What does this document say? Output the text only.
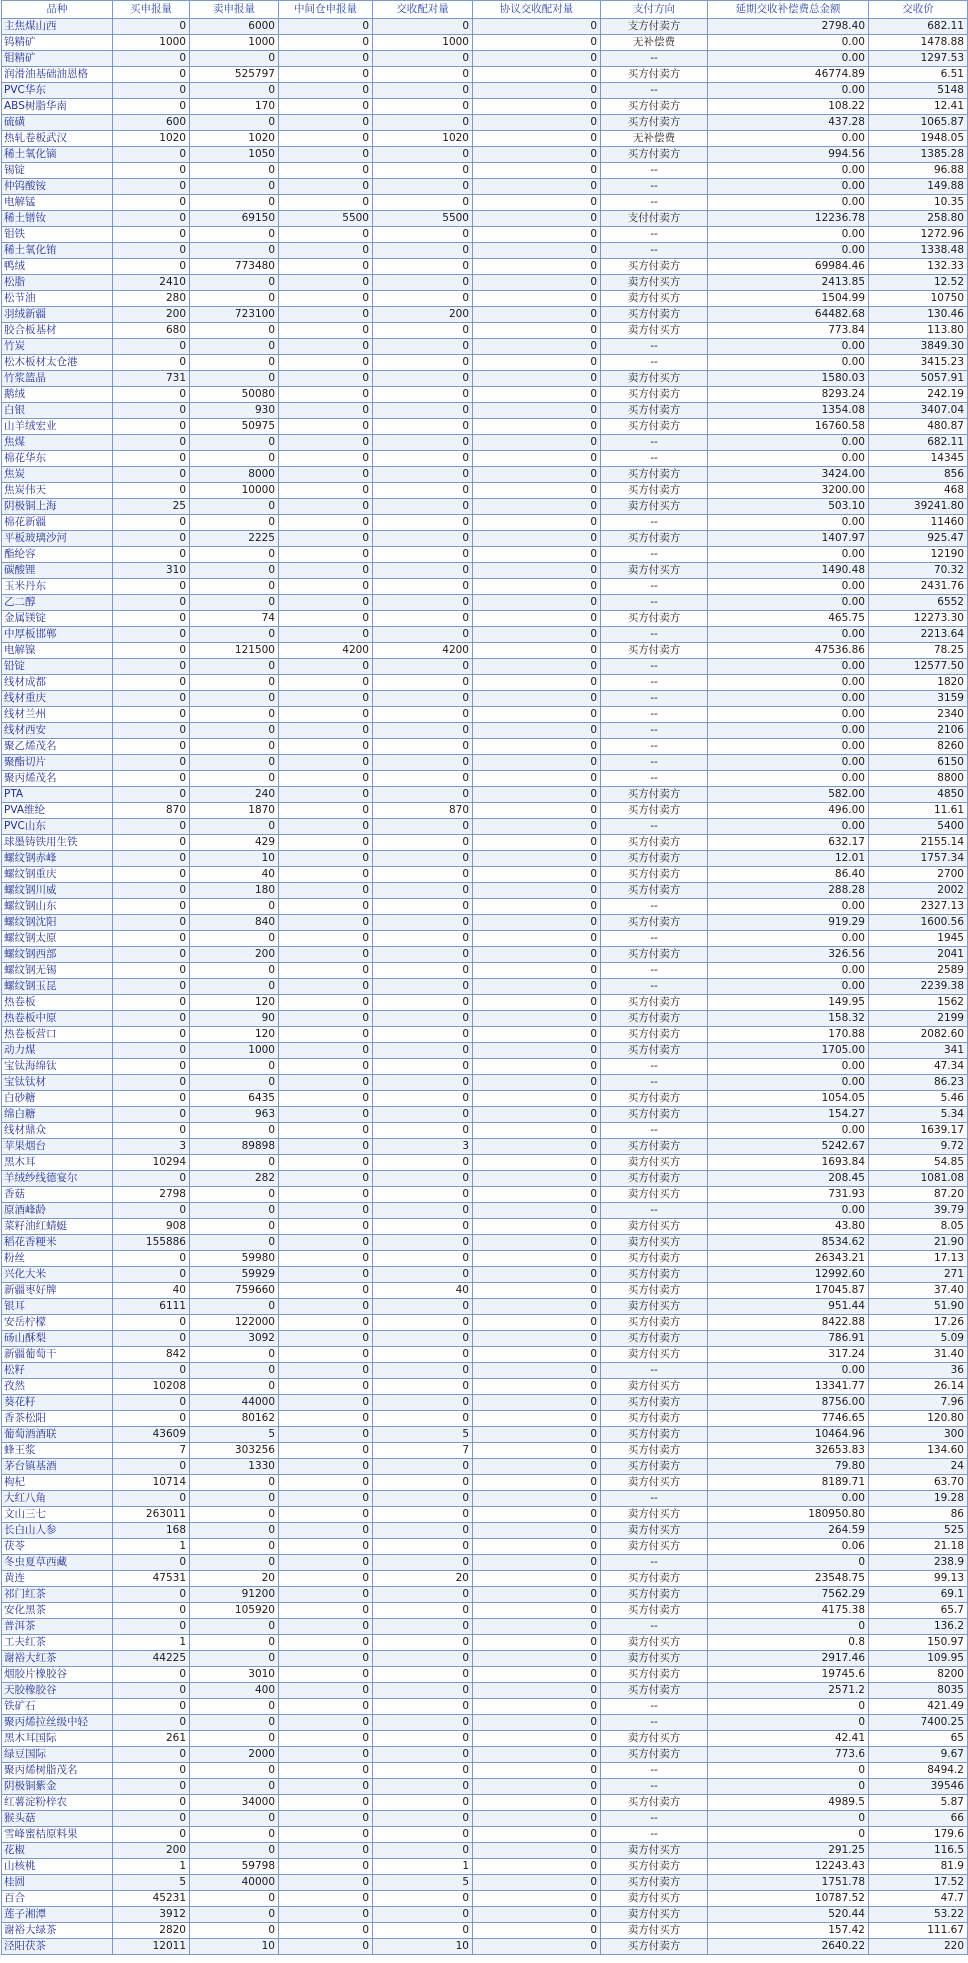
品种	买申报量	卖申报量	中间仓申报量	交收配对量	协议交收配对量	支付方向	延期交收补偿费总金额	交收价
主焦煤山西	0	6000	0	0	0	支方付卖方	2798.40	682.11
钨精矿	1000	1000	0	1000	0	无补偿费	0.00	1478.88
钼精矿	0	0	0	0	0	--	0.00	1297.53
润滑油基础油恩格	0	525797	0	0	0	买方付卖方	46774.89	6.51
PVC华东	0	0	0	0	0	--	0.00	5148
ABS树脂华南	0	170	0	0	0	买方付卖方	108.22	12.41
硫磺	600	0	0	0	0	买方付卖方	437.28	1065.87
热轧卷板武汉	1020	1020	0	1020	0	无补偿费	0.00	1948.05
稀土氧化镝	0	1050	0	0	0	买方付卖方	994.56	1385.28
锡锭	0	0	0	0	0	--	0.00	96.88
仲钨酸铵	0	0	0	0	0	--	0.00	149.88
电解锰	0	0	0	0	0	--	0.00	10.35
稀土镨钕	0	69150	5500	5500	0	支付付卖方	12236.78	258.80
钼铁	0	0	0	0	0	--	0.00	1272.96
稀土氧化铕	0	0	0	0	0	--	0.00	1338.48
鸭绒	0	773480	0	0	0	买方付卖方	69984.46	132.33
松脂	2410	0	0	0	0	卖方付买方	2413.85	12.52
松节油	280	0	0	0	0	卖方付买方	1504.99	10750
羽绒新疆	200	723100	0	200	0	买方付卖方	64482.68	130.46
胶合板基材	680	0	0	0	0	卖方付买方	773.84	113.80
竹炭	0	0	0	0	0	--	0.00	3849.30
松木板材太仓港	0	0	0	0	0	--	0.00	3415.23
竹浆篮晶	731	0	0	0	0	卖方付买方	1580.03	5057.91
鹅绒	0	50080	0	0	0	买方付卖方	8293.24	242.19
白银	0	930	0	0	0	买方付卖方	1354.08	3407.04
山羊绒宏业	0	50975	0	0	0	买方付卖方	16760.58	480.87
焦煤	0	0	0	0	0	--	0.00	682.11
棉花华东	0	0	0	0	0	--	0.00	14345
焦炭	0	8000	0	0	0	买方付卖方	3424.00	856
焦炭伟天	0	10000	0	0	0	买方付卖方	3200.00	468
阴极铜上海	25	0	0	0	0	卖方付买方	503.10	39241.80
棉花新疆	0	0	0	0	0	--	0.00	11460
平板玻璃沙河	0	2225	0	0	0	买方付卖方	1407.97	925.47
酯纶容	0	0	0	0	0	--	0.00	12190
碳酸锂	310	0	0	0	0	卖方付买方	1490.48	70.32
玉米丹东	0	0	0	0	0	--	0.00	2431.76
乙二醇	0	0	0	0	0	--	0.00	6552
金属镁锭	0	74	0	0	0	买方付卖方	465.75	12273.30
中厚板邯郸	0	0	0	0	0	--	0.00	2213.64
电解镍	0	121500	4200	4200	0	买方付卖方	47536.86	78.25
铅锭	0	0	0	0	0	--	0.00	12577.50
线材成都	0	0	0	0	0	--	0.00	1820
线材重庆	0	0	0	0	0	--	0.00	3159
线材兰州	0	0	0	0	0	--	0.00	2340
线材西安	0	0	0	0	0	--	0.00	2106
聚乙烯茂名	0	0	0	0	0	--	0.00	8260
聚酯切片	0	0	0	0	0	--	0.00	6150
聚丙烯茂名	0	0	0	0	0	--	0.00	8800
PTA	0	240	0	0	0	买方付卖方	582.00	4850
PVA维纶	870	1870	0	870	0	买方付卖方	496.00	11.61
PVC山东	0	0	0	0	0	--	0.00	5400
球墨铸铁用生铁	0	429	0	0	0	买方付卖方	632.17	2155.14
螺纹钢赤峰	0	10	0	0	0	买方付卖方	12.01	1757.34
螺纹钢重庆	0	40	0	0	0	买方付卖方	86.40	2700
螺纹钢川威	0	180	0	0	0	买方付卖方	288.28	2002
螺纹钢山东	0	0	0	0	0	--	0.00	2327.13
螺纹钢沈阳	0	840	0	0	0	买方付卖方	919.29	1600.56
螺纹钢太原	0	0	0	0	0	--	0.00	1945
螺纹钢西部	0	200	0	0	0	买方付卖方	326.56	2041
螺纹钢无锡	0	0	0	0	0	--	0.00	2589
螺纹钢玉昆	0	0	0	0	0	--	0.00	2239.38
热卷板	0	120	0	0	0	买方付卖方	149.95	1562
热卷板中原	0	90	0	0	0	买方付卖方	158.32	2199
热卷板营口	0	120	0	0	0	买方付卖方	170.88	2082.60
动力煤	0	1000	0	0	0	买方付卖方	1705.00	341
宝钛海绵钛	0	0	0	0	0	--	0.00	47.34
宝钛钛材	0	0	0	0	0	--	0.00	86.23
白砂糖	0	6435	0	0	0	买方付卖方	1054.05	5.46
绵白糖	0	963	0	0	0	买方付卖方	154.27	5.34
线材鼎众	0	0	0	0	0	--	0.00	1639.17
苹果烟台	3	89898	0	3	0	买方付卖方	5242.67	9.72
黑木耳	10294	0	0	0	0	卖方付买方	1693.84	54.85
羊绒纱线德宴尔	0	282	0	0	0	买方付卖方	208.45	1081.08
香菇	2798	0	0	0	0	卖方付买方	731.93	87.20
原酒峰龄	0	0	0	0	0	--	0.00	39.79
菜籽油红蜻蜓	908	0	0	0	0	卖方付买方	43.80	8.05
稻花香粳米	155886	0	0	0	0	卖方付买方	8534.62	21.90
粉丝	0	59980	0	0	0	买方付卖方	26343.21	17.13
兴化大米	0	59929	0	0	0	买方付卖方	12992.60	271
新疆枣好牌	40	759660	0	40	0	买方付卖方	17045.87	37.40
银耳	6111	0	0	0	0	卖方付买方	951.44	51.90
安岳柠檬	0	122000	0	0	0	买方付卖方	8422.88	17.26
砀山酥梨	0	3092	0	0	0	买方付卖方	786.91	5.09
新疆葡萄干	842	0	0	0	0	卖方付买方	317.24	31.40
松籽	0	0	0	0	0	--	0.00	36
孜然	10208	0	0	0	0	卖方付买方	13341.77	26.14
葵花籽	0	44000	0	0	0	买方付卖方	8756.00	7.96
香茶松阳	0	80162	0	0	0	买方付卖方	7746.65	120.80
葡萄酒酒联	43609	5	0	5	0	买方付卖方	10464.96	300
蜂王浆	7	303256	0	7	0	买方付卖方	32653.83	134.60
茅台镇基酒	0	1330	0	0	0	买方付卖方	79.80	24
枸杞	10714	0	0	0	0	卖方付买方	8189.71	63.70
大红八角	0	0	0	0	0	--	0.00	19.28
文山三七	263011	0	0	0	0	卖方付买方	180950.80	86
长白山人参	168	0	0	0	0	卖方付买方	264.59	525
茯苓	1	0	0	0	0	卖方付买方	0.06	21.18
冬虫夏草西藏	0	0	0	0	0	--	0	238.9
黄连	47531	20	0	20	0	买方付卖方	23548.75	99.13
祁门红茶	0	91200	0	0	0	买方付卖方	7562.29	69.1
安化黑茶	0	105920	0	0	0	买方付卖方	4175.38	65.7
普洱茶	0	0	0	0	0	--	0	136.2
工夫红茶	1	0	0	0	0	卖方付买方	0.8	150.97
谢裕大红茶	44225	0	0	0	0	卖方付买方	2917.46	109.95
烟胶片橡胶谷	0	3010	0	0	0	买方付卖方	19745.6	8200
天胶橡胶谷	0	400	0	0	0	买方付卖方	2571.2	8035
铁矿石	0	0	0	0	0	--	0	421.49
聚丙烯拉丝级中轻	0	0	0	0	0	--	0	7400.25
黑木耳国际	261	0	0	0	0	卖方付买方	42.41	65
绿豆国际	0	2000	0	0	0	买方付卖方	773.6	9.67
聚丙烯树脂茂名	0	0	0	0	0	--	0	8494.2
阴极铜紫金	0	0	0	0	0	--	0	39546
红薯淀粉梓农	0	34000	0	0	0	买方付卖方	4989.5	5.87
猴头菇	0	0	0	0	0	--	0	66
雪峰蜜桔原料果	0	0	0	0	0	--	0	179.6
花椒	200	0	0	0	0	卖方付买方	291.25	116.5
山核桃	1	59798	0	1	0	买方付卖方	12243.43	81.9
桂圆	5	40000	0	5	0	买方付卖方	1751.78	17.52
百合	45231	0	0	0	0	卖方付买方	10787.52	47.7
莲子湘潭	3912	0	0	0	0	卖方付买方	520.44	53.22
谢裕大绿茶	2820	0	0	0	0	卖方付买方	157.42	111.67
泾阳茯茶	12011	10	0	10	0	买方付卖方	2640.22	220
